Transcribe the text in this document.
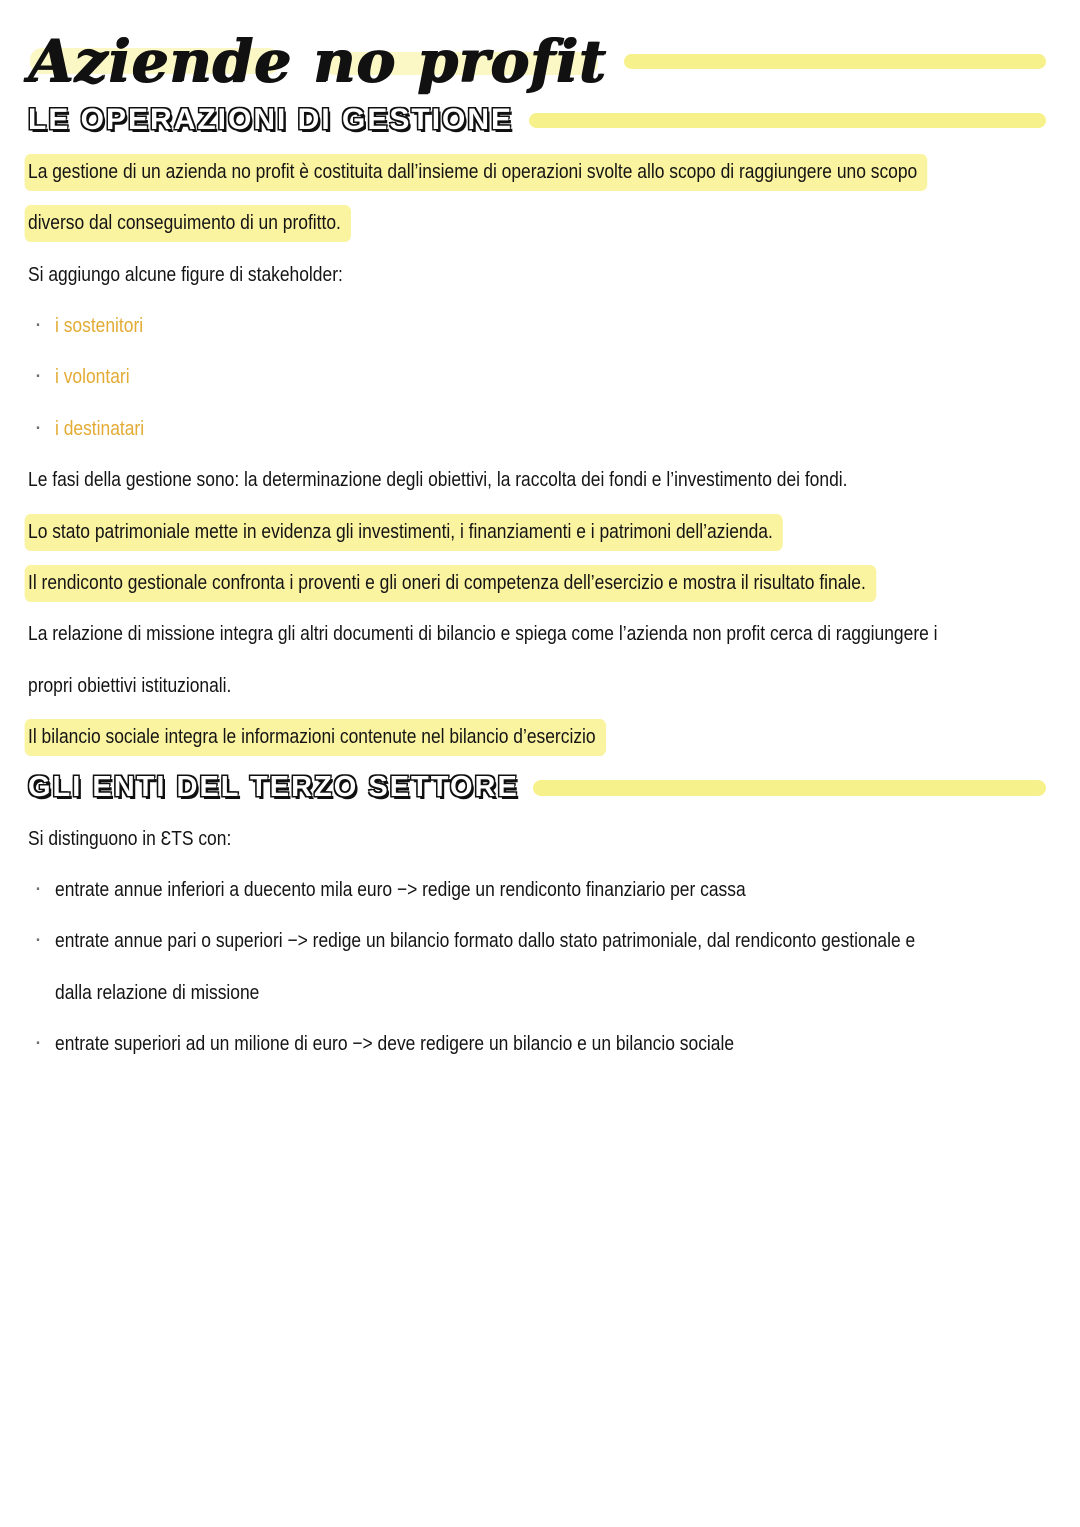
Aziende no profit
LE OPERAZIONI DI GESTIONE
La gestione di un azienda no profit è costituita dall’insieme di operazioni svolte allo scopo di raggiungere uno scopo
diverso dal conseguimento di un profitto.
Si aggiungo alcune figure di stakeholder:
· i sostenitori
· i volontari
· i destinatari
Le fasi della gestione sono: la determinazione degli obiettivi, la raccolta dei fondi e l’investimento dei fondi.
Lo stato patrimoniale mette in evidenza gli investimenti, i finanziamenti e i patrimoni dell’azienda.
Il rendiconto gestionale confronta i proventi e gli oneri di competenza dell’esercizio e mostra il risultato finale.
La relazione di missione integra gli altri documenti di bilancio e spiega come l’azienda non profit cerca di raggiungere i
propri obiettivi istituzionali.
Il bilancio sociale integra le informazioni contenute nel bilancio d’esercizio
GLI ENTI DEL TERZO SETTORE
Si distinguono in ƐTS con:
· entrate annue inferiori a duecento mila euro −> redige un rendiconto finanziario per cassa
· entrate annue pari o superiori −> redige un bilancio formato dallo stato patrimoniale, dal rendiconto gestionale e
dalla relazione di missione
· entrate superiori ad un milione di euro −> deve redigere un bilancio e un bilancio sociale
